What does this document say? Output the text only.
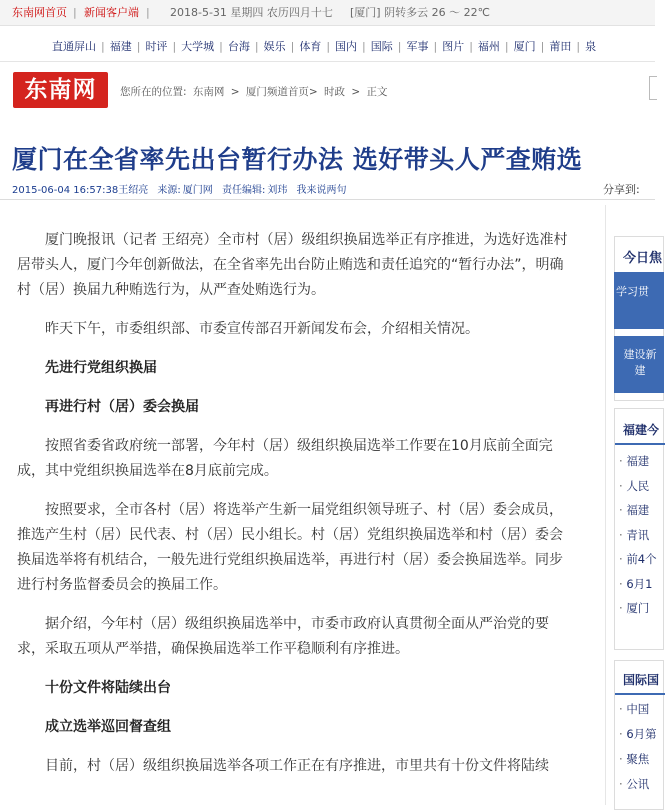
东南网首页 | 新闻客户端 | 2018-5-31 星期四 农历四月十七 [厦门] 阴转多云 26 ～ 22℃
直通屏山 | 福建 | 时评 | 大学城 | 台海 | 娱乐 | 体育 | 国内 | 国际 | 军事 | 图片 | 福州 | 厦门 | 莆田 | 泉
东南网	您所在的位置: 东南网 > 厦门频道首页> 时政 > 正文
厦门在全省率先出台暂行办法 选好带头人严查贿选
2015-06-04 16:57:38王绍亮 来源: 厦门网 责任编辑: 刘玮 我来说两句	分享到:

厦门晚报讯（记者 王绍亮）全市村（居）级组织换届选举正有序推进，为选好选准村居带头人，厦门今年创新做法，在全省率先出台防止贿选和责任追究的“暂行办法”，明确村（居）换届九种贿选行为，从严查处贿选行为。

昨天下午，市委组织部、市委宣传部召开新闻发布会，介绍相关情况。

先进行党组织换届

再进行村（居）委会换届

按照省委省政府统一部署，今年村（居）级组织换届选举工作要在10月底前全面完成，其中党组织换届选举在8月底前完成。

按照要求，全市各村（居）将选举产生新一届党组织领导班子、村（居）委会成员，推选产生村（居）民代表、村（居）民小组长。村（居）党组织换届选举和村（居）委会换届选举将有机结合，一般先进行党组织换届选举，再进行村（居）委会换届选举。同步进行村务监督委员会的换届工作。

据介绍，今年村（居）级组织换届选举中，市委市政府认真贯彻全面从严治党的要求，采取五项从严举措，确保换届选举工作平稳顺利有序推进。

十份文件将陆续出台

成立选举巡回督查组

目前，村（居）级组织换届选举各项工作正在有序推进，市里共有十份文件将陆续

今日焦
学习贯
建设新
建
福建今
· 福建
· 人民
· 福建
· 青讯
· 前4个
· 6月1
· 厦门
国际国
· 中国
· 6月第
· 聚焦
· 公讯
